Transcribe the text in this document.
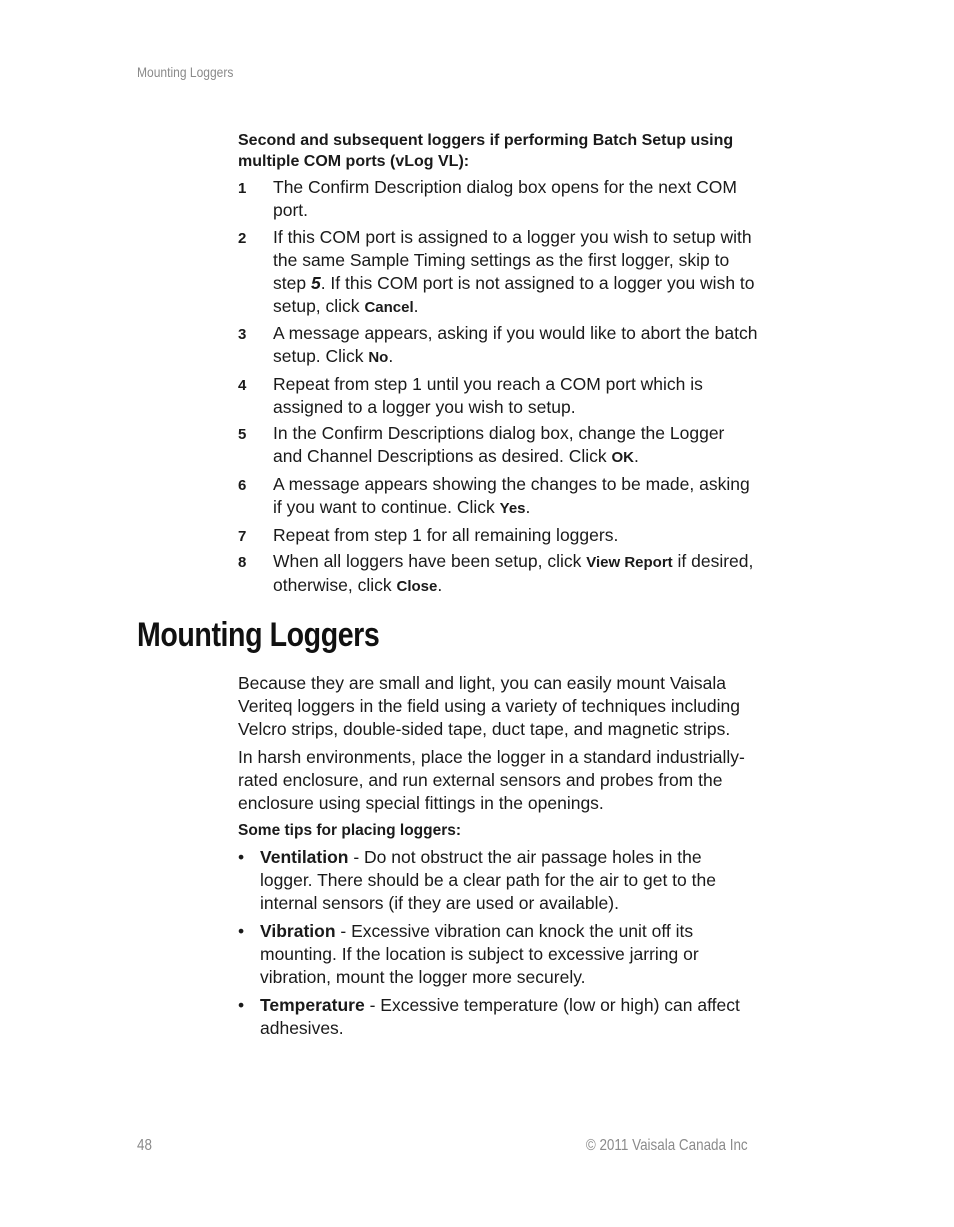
Mounting Loggers
Second and subsequent loggers if performing Batch Setup using multiple COM ports (vLog VL):
1 The Confirm Description dialog box opens for the next COM port.
2 If this COM port is assigned to a logger you wish to setup with the same Sample Timing settings as the first logger, skip to step 5. If this COM port is not assigned to a logger you wish to setup, click Cancel.
3 A message appears, asking if you would like to abort the batch setup. Click No.
4 Repeat from step 1 until you reach a COM port which is assigned to a logger you wish to setup.
5 In the Confirm Descriptions dialog box, change the Logger and Channel Descriptions as desired. Click OK.
6 A message appears showing the changes to be made, asking if you want to continue. Click Yes.
7 Repeat from step 1 for all remaining loggers.
8 When all loggers have been setup, click View Report if desired, otherwise, click Close.
Mounting Loggers

Because they are small and light, you can easily mount Vaisala Veriteq loggers in the field using a variety of techniques including Velcro strips, double-sided tape, duct tape, and magnetic strips.

In harsh environments, place the logger in a standard industrially-rated enclosure, and run external sensors and probes from the enclosure using special fittings in the openings.

Some tips for placing loggers:
• Ventilation - Do not obstruct the air passage holes in the logger. There should be a clear path for the air to get to the internal sensors (if they are used or available).
• Vibration - Excessive vibration can knock the unit off its mounting. If the location is subject to excessive jarring or vibration, mount the logger more securely.
• Temperature - Excessive temperature (low or high) can affect adhesives.
48	© 2011 Vaisala Canada Inc
